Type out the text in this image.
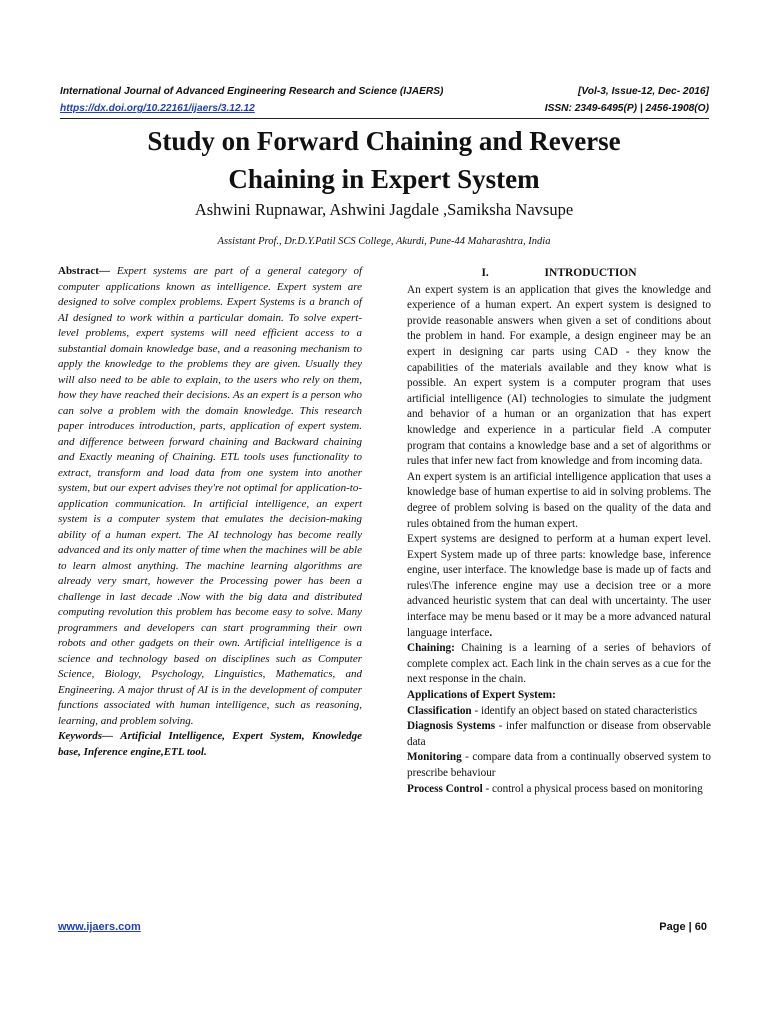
International Journal of Advanced Engineering Research and Science (IJAERS)	[Vol-3, Issue-12, Dec- 2016]
https://dx.doi.org/10.22161/ijaers/3.12.12	ISSN: 2349-6495(P) | 2456-1908(O)
Study on Forward Chaining and Reverse
Chaining in Expert System
Ashwini Rupnawar, Ashwini Jagdale ,Samiksha Navsupe
Assistant Prof., Dr.D.Y.Patil SCS College, Akurdi, Pune-44 Maharashtra, India
Abstract— Expert systems are part of a general category of computer applications known as intelligence. Expert system are designed to solve complex problems. Expert Systems is a branch of AI designed to work within a particular domain. To solve expert-level problems, expert systems will need efficient access to a substantial domain knowledge base, and a reasoning mechanism to apply the knowledge to the problems they are given. Usually they will also need to be able to explain, to the users who rely on them, how they have reached their decisions. As an expert is a person who can solve a problem with the domain knowledge. This research paper introduces introduction, parts, application of expert system. and difference between forward chaining and Backward chaining and Exactly meaning of Chaining. ETL tools uses functionality to extract, transform and load data from one system into another system, but our expert advises they're not optimal for application-to-application communication. In artificial intelligence, an expert system is a computer system that emulates the decision-making ability of a human expert. The AI technology has become really advanced and its only matter of time when the machines will be able to learn almost anything. The machine learning algorithms are already very smart, however the Processing power has been a challenge in last decade .Now with the big data and distributed computing revolution this problem has become easy to solve. Many programmers and developers can start programming their own robots and other gadgets on their own. Artificial intelligence is a science and technology based on disciplines such as Computer Science, Biology, Psychology, Linguistics, Mathematics, and Engineering. A major thrust of AI is in the development of computer functions associated with human intelligence, such as reasoning, learning, and problem solving.
Keywords— Artificial Intelligence, Expert System, Knowledge base, Inference engine,ETL tool.
I.	INTRODUCTION

An expert system is an application that gives the knowledge and experience of a human expert. An expert system is designed to provide reasonable answers when given a set of conditions about the problem in hand. For example, a design engineer may be an expert in designing car parts using CAD - they know the capabilities of the materials available and they know what is possible. An expert system is a computer program that uses artificial intelligence (AI) technologies to simulate the judgment and behavior of a human or an organization that has expert knowledge and experience in a particular field .A computer program that contains a knowledge base and a set of algorithms or rules that infer new fact from knowledge and from incoming data.

An expert system is an artificial intelligence application that uses a knowledge base of human expertise to aid in solving problems. The degree of problem solving is based on the quality of the data and rules obtained from the human expert.

Expert systems are designed to perform at a human expert level. Expert System made up of three parts: knowledge base, inference engine, user interface. The knowledge base is made up of facts and rules\The inference engine may use a decision tree or a more advanced heuristic system that can deal with uncertainty. The user interface may be menu based or it may be a more advanced natural language interface.

Chaining: Chaining is a learning of a series of behaviors of complete complex act. Each link in the chain serves as a cue for the next response in the chain.

Applications of Expert System:

Classification - identify an object based on stated characteristics

Diagnosis Systems - infer malfunction or disease from observable data

Monitoring - compare data from a continually observed system to prescribe behaviour

Process Control - control a physical process based on monitoring

www.ijaers.com	Page | 60
